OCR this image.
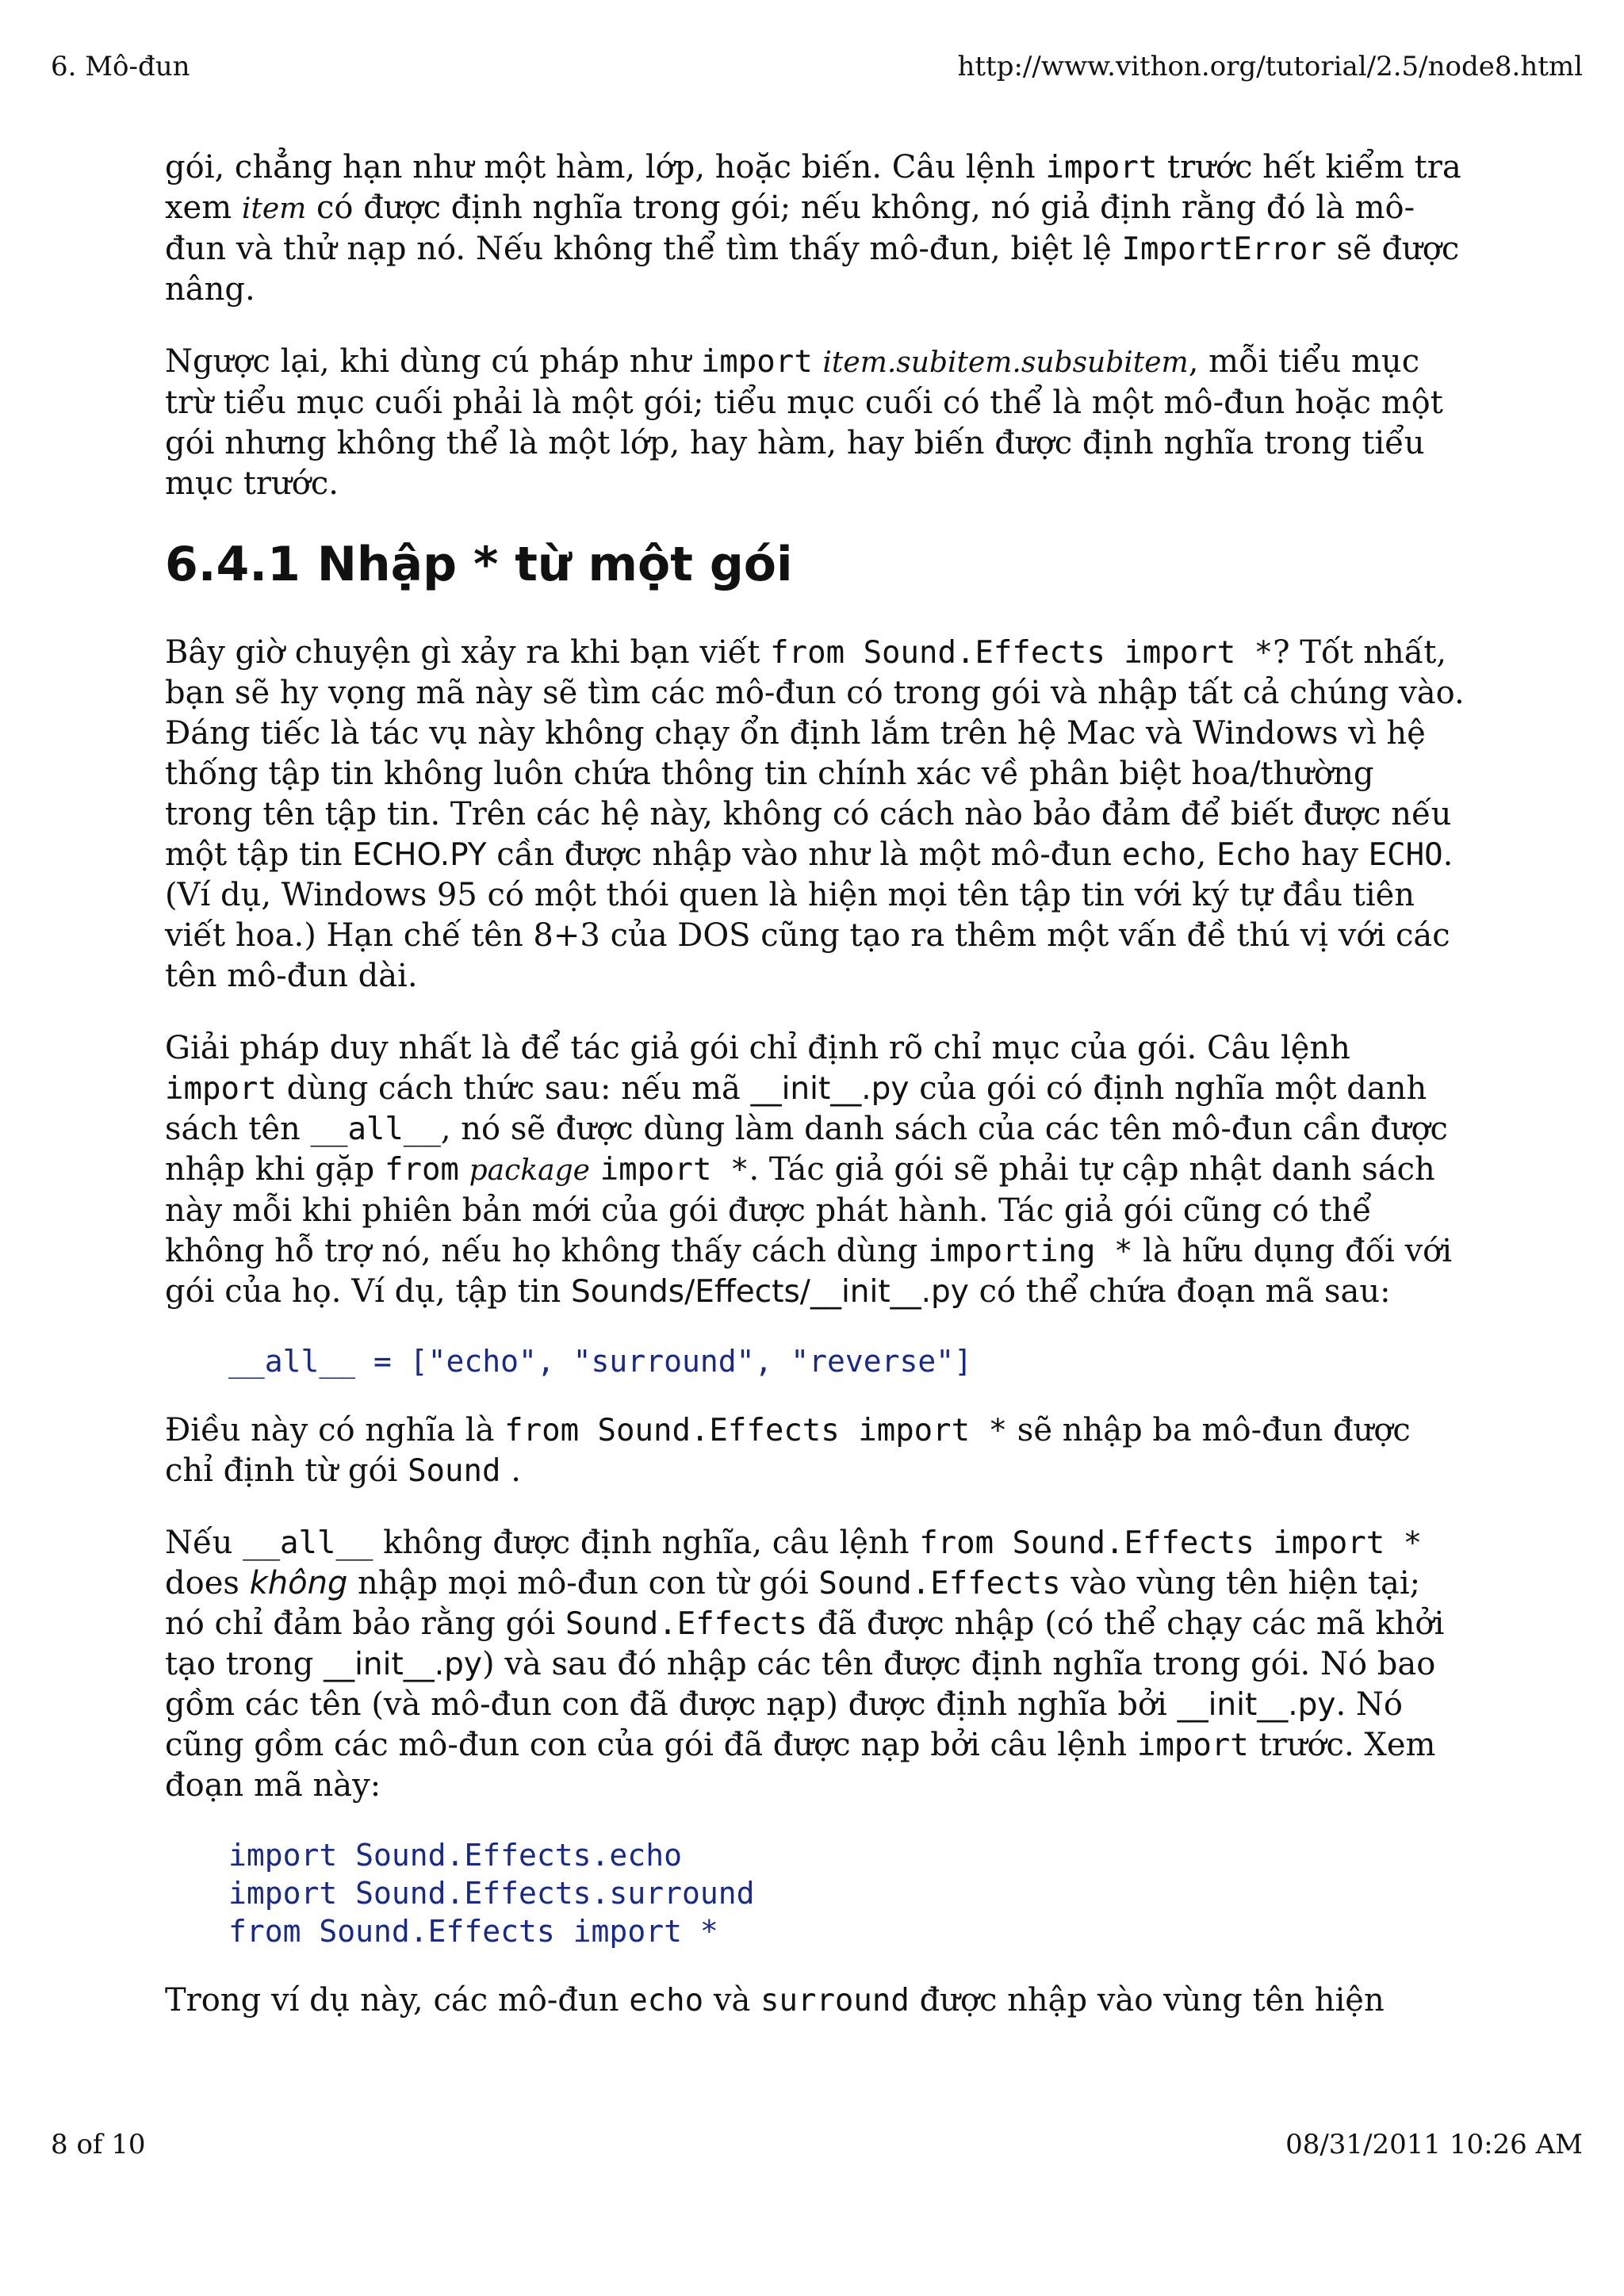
6. Mô-đun	http://www.vithon.org/tutorial/2.5/node8.html

gói, chẳng hạn như một hàm, lớp, hoặc biến. Câu lệnh import trước hết kiểm tra xem item có được định nghĩa trong gói; nếu không, nó giả định rằng đó là mô-đun và thử nạp nó. Nếu không thể tìm thấy mô-đun, biệt lệ ImportError sẽ được nâng.

Ngược lại, khi dùng cú pháp như import item.subitem.subsubitem, mỗi tiểu mục trừ tiểu mục cuối phải là một gói; tiểu mục cuối có thể là một mô-đun hoặc một gói nhưng không thể là một lớp, hay hàm, hay biến được định nghĩa trong tiểu mục trước.

6.4.1 Nhập * từ một gói

Bây giờ chuyện gì xảy ra khi bạn viết from Sound.Effects import *? Tốt nhất, bạn sẽ hy vọng mã này sẽ tìm các mô-đun có trong gói và nhập tất cả chúng vào. Đáng tiếc là tác vụ này không chạy ổn định lắm trên hệ Mac và Windows vì hệ thống tập tin không luôn chứa thông tin chính xác về phân biệt hoa/thường trong tên tập tin. Trên các hệ này, không có cách nào bảo đảm để biết được nếu một tập tin ECHO.PY cần được nhập vào như là một mô-đun echo, Echo hay ECHO. (Ví dụ, Windows 95 có một thói quen là hiện mọi tên tập tin với ký tự đầu tiên viết hoa.) Hạn chế tên 8+3 của DOS cũng tạo ra thêm một vấn đề thú vị với các tên mô-đun dài.

Giải pháp duy nhất là để tác giả gói chỉ định rõ chỉ mục của gói. Câu lệnh import dùng cách thức sau: nếu mã __init__.py của gói có định nghĩa một danh sách tên __all__, nó sẽ được dùng làm danh sách của các tên mô-đun cần được nhập khi gặp from package import *. Tác giả gói sẽ phải tự cập nhật danh sách này mỗi khi phiên bản mới của gói được phát hành. Tác giả gói cũng có thể không hỗ trợ nó, nếu họ không thấy cách dùng importing * là hữu dụng đối với gói của họ. Ví dụ, tập tin Sounds/Effects/__init__.py có thể chứa đoạn mã sau:

__all__ = ["echo", "surround", "reverse"]

Điều này có nghĩa là from Sound.Effects import * sẽ nhập ba mô-đun được chỉ định từ gói Sound .

Nếu __all__ không được định nghĩa, câu lệnh from Sound.Effects import * does không nhập mọi mô-đun con từ gói Sound.Effects vào vùng tên hiện tại; nó chỉ đảm bảo rằng gói Sound.Effects đã được nhập (có thể chạy các mã khởi tạo trong __init__.py) và sau đó nhập các tên được định nghĩa trong gói. Nó bao gồm các tên (và mô-đun con đã được nạp) được định nghĩa bởi __init__.py. Nó cũng gồm các mô-đun con của gói đã được nạp bởi câu lệnh import trước. Xem đoạn mã này:

import Sound.Effects.echo
import Sound.Effects.surround
from Sound.Effects import *

Trong ví dụ này, các mô-đun echo và surround được nhập vào vùng tên hiện

8 of 10	08/31/2011 10:26 AM
